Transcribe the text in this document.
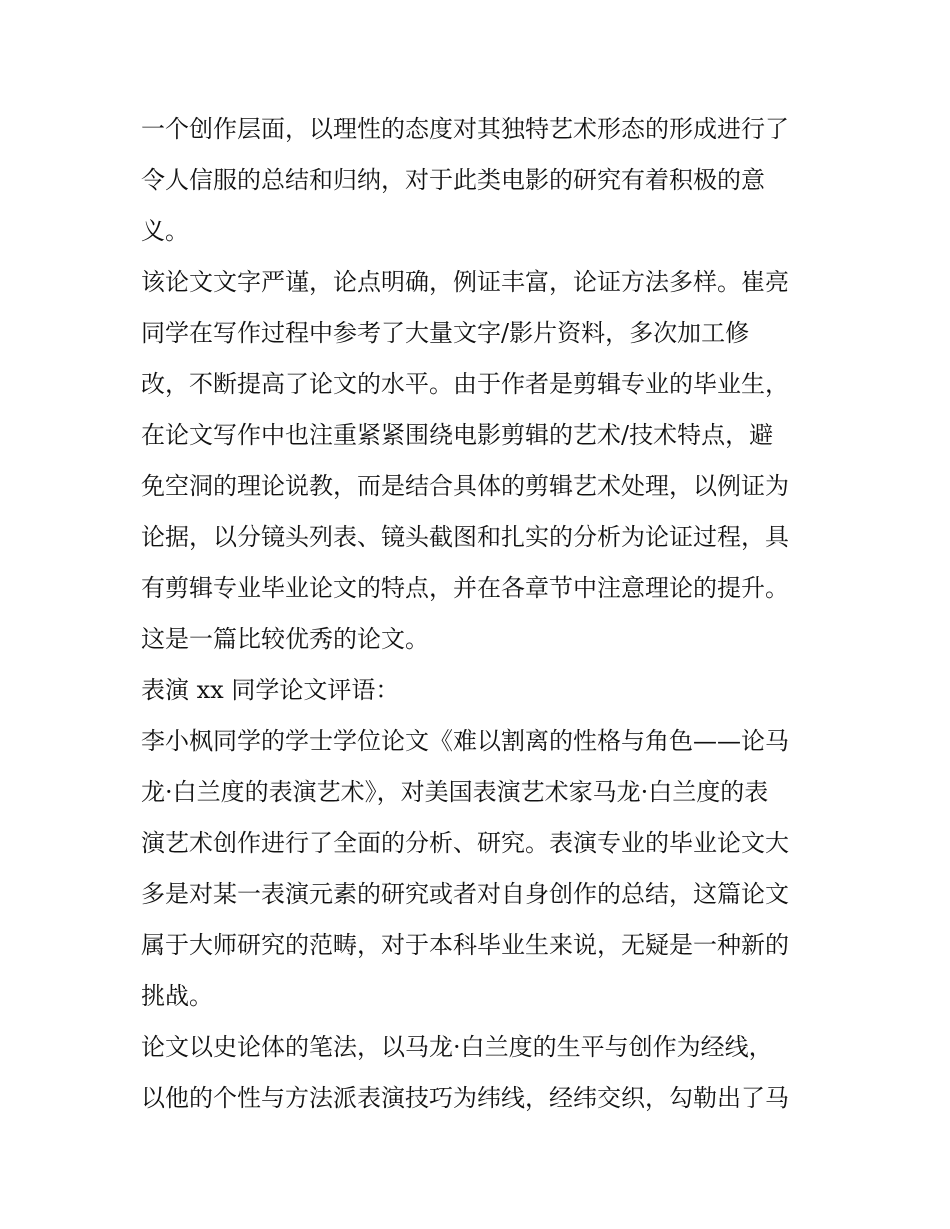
一个创作层面，以理性的态度对其独特艺术形态的形成进行了
令人信服的总结和归纳，对于此类电影的研究有着积极的意
义。
该论文文字严谨，论点明确，例证丰富，论证方法多样。崔亮
同学在写作过程中参考了大量文字/影片资料，多次加工修
改，不断提高了论文的水平。由于作者是剪辑专业的毕业生，
在论文写作中也注重紧紧围绕电影剪辑的艺术/技术特点，避
免空洞的理论说教，而是结合具体的剪辑艺术处理，以例证为
论据，以分镜头列表、镜头截图和扎实的分析为论证过程，具
有剪辑专业毕业论文的特点，并在各章节中注意理论的提升。
这是一篇比较优秀的论文。
表演 xx 同学论文评语：
李小枫同学的学士学位论文《难以割离的性格与角色——论马
龙·白兰度的表演艺术》，对美国表演艺术家马龙·白兰度的表
演艺术创作进行了全面的分析、研究。表演专业的毕业论文大
多是对某一表演元素的研究或者对自身创作的总结，这篇论文
属于大师研究的范畴，对于本科毕业生来说，无疑是一种新的
挑战。
论文以史论体的笔法，以马龙·白兰度的生平与创作为经线，
以他的个性与方法派表演技巧为纬线，经纬交织，勾勒出了马
